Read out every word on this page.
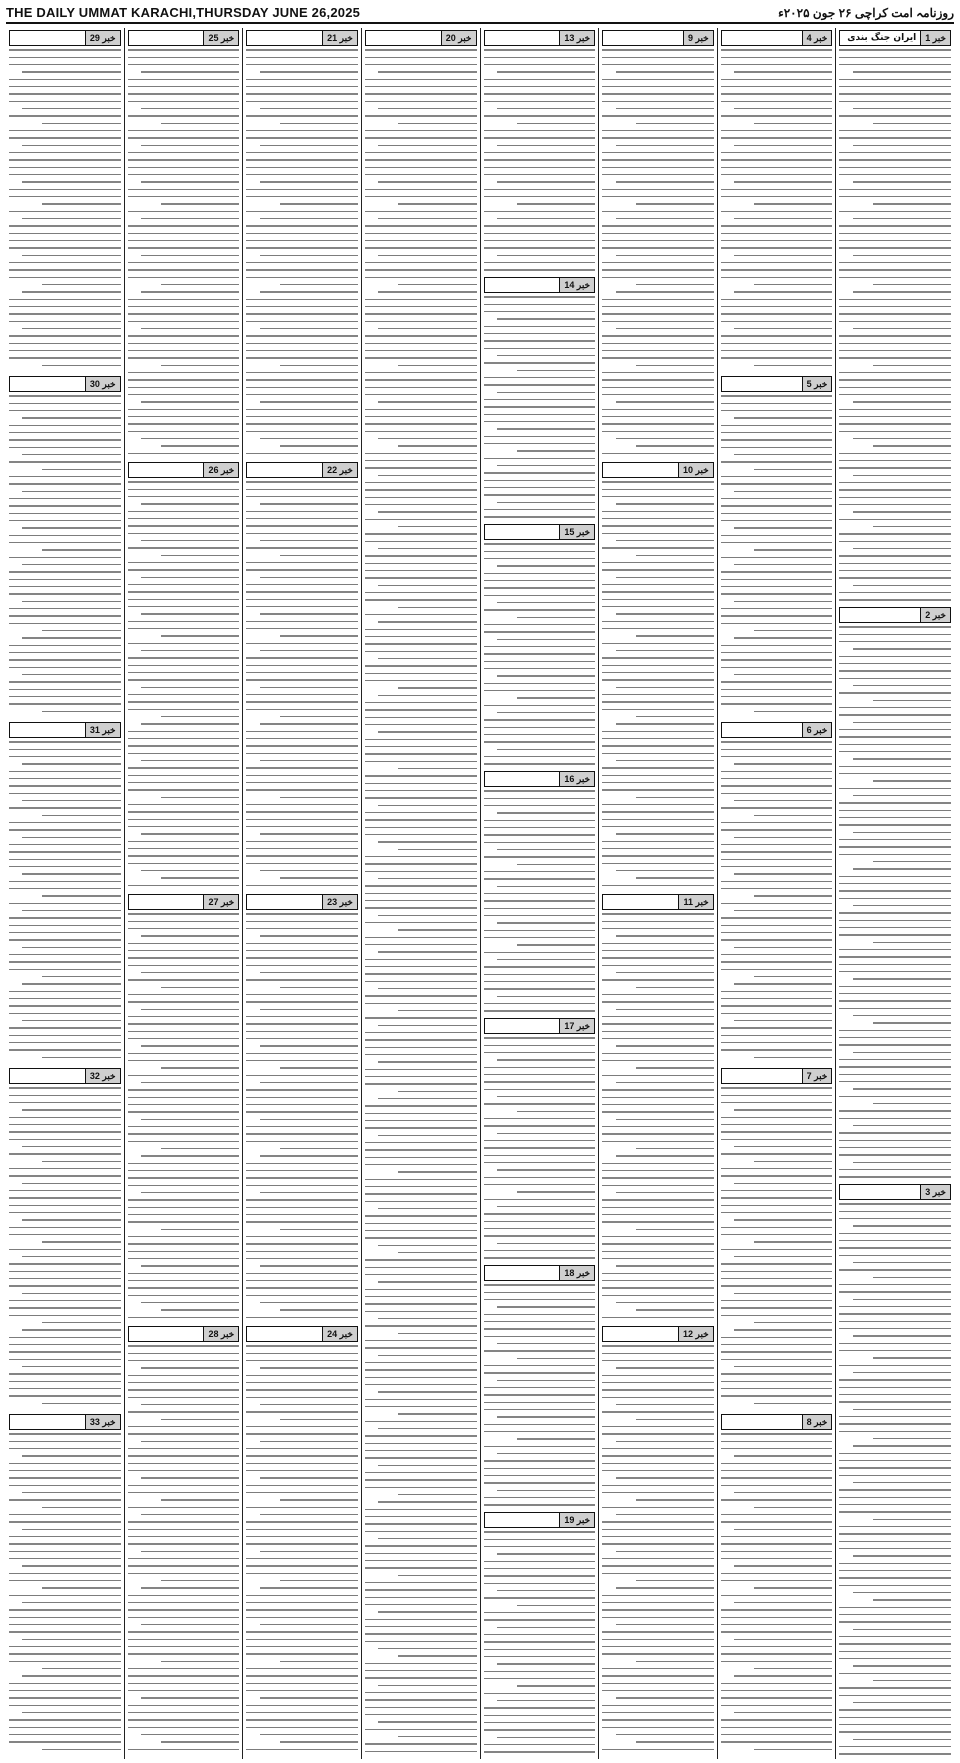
THE DAILY UMMAT KARACHI,THURSDAY JUNE 26,2025	روزنامہ امت کراچی ۲۶ جون ۲۰۲۵ء
خبر 1
ایران جنگ بندی
خبر 2
خبر 3
خبر 4
خبر 5
خبر 6
خبر 7
خبر 8
خبر 9
خبر 10
خبر 11
خبر 12
خبر 13
خبر 14
خبر 15
خبر 16
خبر 17
خبر 18
خبر 19
خبر 20
خبر 21
خبر 22
خبر 23
خبر 24
خبر 25
خبر 26
خبر 27
خبر 28
خبر 29
خبر 30
خبر 31
خبر 32
خبر 33
